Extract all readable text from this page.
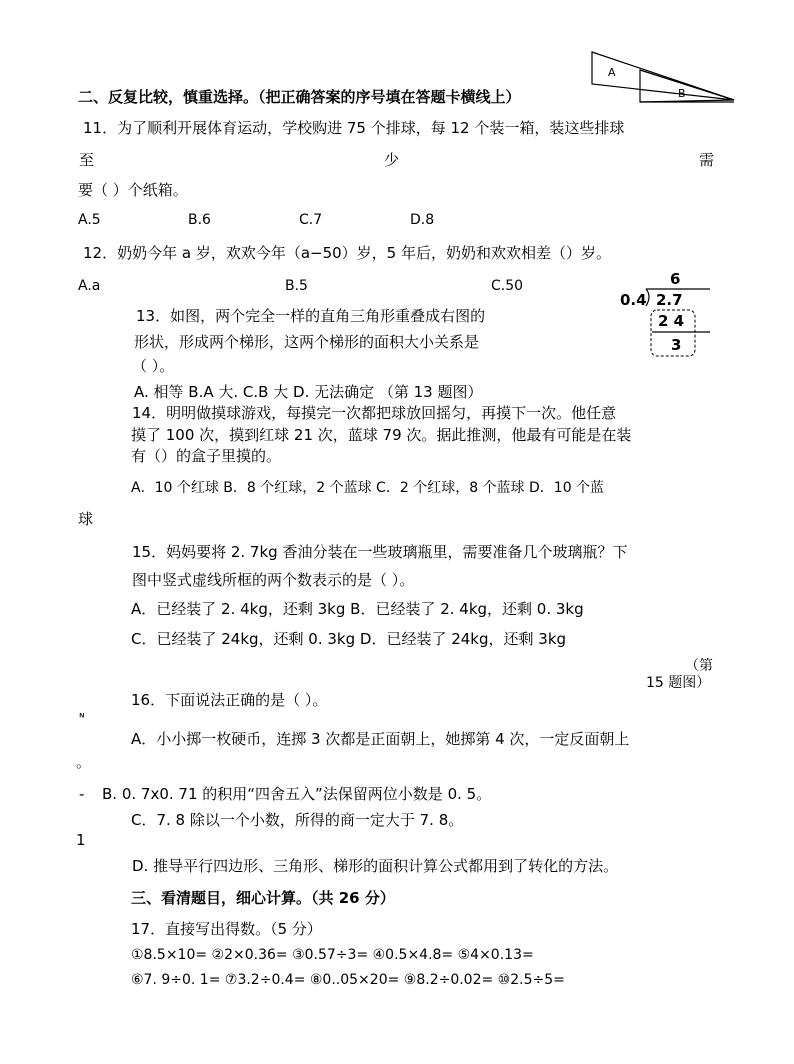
A
B
6
0.4 2.7
2 4
3
二、反复比较，慎重选择。（把正确答案的序号填在答题卡横线上）
11．为了顺利开展体育运动，学校购进 75 个排球，每 12 个装一箱，装这些排球
至	少	需
要（ ）个纸箱。
A.5	B.6	C.7	D.8
12．奶奶今年 a 岁，欢欢今年（a−50）岁，5 年后，奶奶和欢欢相差（）岁。
A.a	B.5	C.50
13．如图，两个完全一样的直角三角形重叠成右图的
形状，形成两个梯形，这两个梯形的面积大小关系是
（ ）。
A. 相等 B.A 大. C.B 大 D. 无法确定 （第 13 题图）
14．明明做摸球游戏，每摸完一次都把球放回摇匀，再摸下一次。他任意
摸了 100 次，摸到红球 21 次，蓝球 79 次。据此推测，他最有可能是在装
有（）的盒子里摸的。
A．10 个红球 B．8 个红球，2 个蓝球 C．2 个红球，8 个蓝球 D．10 个蓝
球
15．妈妈要将 2. 7kg 香油分装在一些玻璃瓶里，需要准备几个玻璃瓶？下
图中竖式虚线所框的两个数表示的是（ ）。
A．已经装了 2. 4kg，还剩 3kg B．已经装了 2. 4kg，还剩 0. 3kg
C．已经装了 24kg，还剩 0. 3kg D．已经装了 24kg，还剩 3kg
（第
15 题图）
16．下面说法正确的是（ ）。
ᶰ
A．小小掷一枚硬币，连掷 3 次都是正面朝上，她掷第 4 次，一定反面朝上
。
- B. 0. 7x0. 71 的积用“四舍五入”法保留两位小数是 0. 5。
C．7. 8 除以一个小数，所得的商一定大于 7. 8。
1
D. 推导平行四边形、三角形、梯形的面积计算公式都用到了转化的方法。
三、看清题目，细心计算。（共 26 分）
17．直接写出得数。（5 分）
①8.5×10= ②2×0.36= ③0.57÷3= ④0.5×4.8= ⑤4×0.13=
⑥7. 9÷0. 1= ⑦3.2÷0.4= ⑧0..05×20= ⑨8.2÷0.02= ⑩2.5÷5=
